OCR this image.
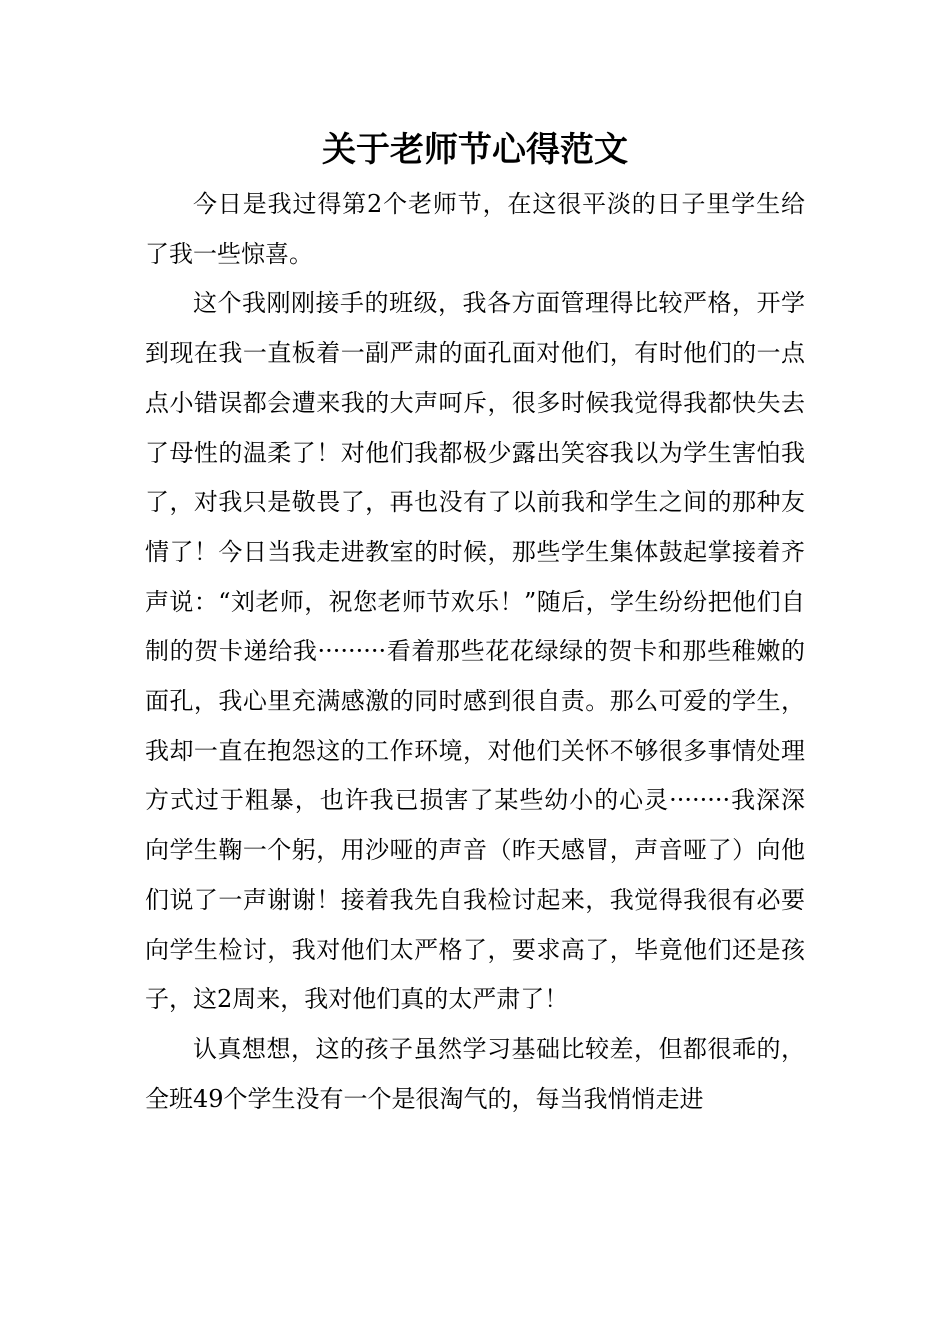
关于老师节心得范文

今日是我过得第2个老师节，在这很平淡的日子里学生给了我一些惊喜。

这个我刚刚接手的班级，我各方面管理得比较严格，开学到现在我一直板着一副严肃的面孔面对他们，有时他们的一点点小错误都会遭来我的大声呵斥，很多时候我觉得我都快失去了母性的温柔了！对他们我都极少露出笑容我以为学生害怕我了，对我只是敬畏了，再也没有了以前我和学生之间的那种友情了！今日当我走进教室的时候，那些学生集体鼓起掌接着齐声说：“刘老师，祝您老师节欢乐！”随后，学生纷纷把他们自制的贺卡递给我·········看着那些花花绿绿的贺卡和那些稚嫩的面孔，我心里充满感激的同时感到很自责。那么可爱的学生，我却一直在抱怨这的工作环境，对他们关怀不够很多事情处理方式过于粗暴，也许我已损害了某些幼小的心灵········我深深向学生鞠一个躬，用沙哑的声音（昨天感冒，声音哑了）向他们说了一声谢谢！接着我先自我检讨起来，我觉得我很有必要向学生检讨，我对他们太严格了，要求高了，毕竟他们还是孩子，这2周来，我对他们真的太严肃了！

认真想想，这的孩子虽然学习基础比较差，但都很乖的，全班49个学生没有一个是很淘气的，每当我悄悄走进
